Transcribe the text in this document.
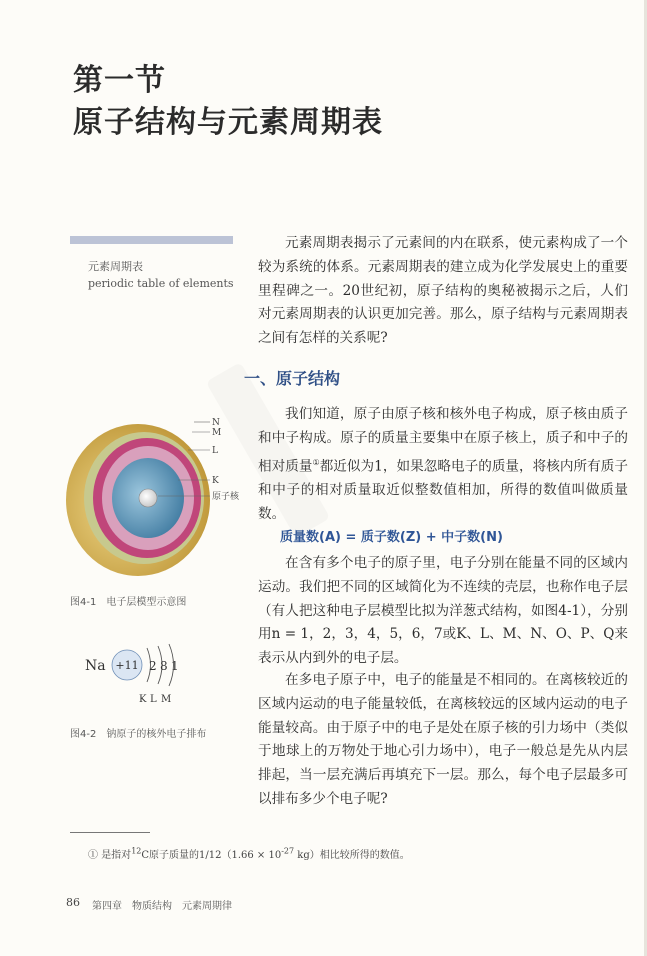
第一节
原子结构与元素周期表
元素周期表
periodic table of elements

元素周期表揭示了元素间的内在联系，使元素构成了一个较为系统的体系。元素周期表的建立成为化学发展史上的重要里程碑之一。20世纪初，原子结构的奥秘被揭示之后，人们对元素周期表的认识更加完善。那么，原子结构与元素周期表之间有怎样的关系呢?

一、原子结构

我们知道，原子由原子核和核外电子构成，原子核由质子和中子构成。原子的质量主要集中在原子核上，质子和中子的相对质量①都近似为1，如果忽略电子的质量，将核内所有质子和中子的相对质量取近似整数值相加，所得的数值叫做质量数。

质量数(A) = 质子数(Z) + 中子数(N)

在含有多个电子的原子里，电子分别在能量不同的区域内运动。我们把不同的区域简化为不连续的壳层，也称作电子层（有人把这种电子层模型比拟为洋葱式结构，如图4-1），分别用n = 1，2，3，4，5，6，7或K、L、M、N、O、P、Q来表示从内到外的电子层。

在多电子原子中，电子的能量是不相同的。在离核较近的区域内运动的电子能量较低，在离核较远的区域内运动的电子能量较高。由于原子中的电子是处在原子核的引力场中（类似于地球上的万物处于地心引力场中），电子一般总是先从内层排起，当一层充满后再填充下一层。那么，每个电子层最多可以排布多少个电子呢?

N
M
L
K
原子核
图4-1　电子层模型示意图
Na +11 2 8 1
K L M
图4-2　钠原子的核外电子排布
① 是指对$^{12}$C原子质量的$1/12(1.66 \times 10^{-27}$ kg）相比较所得的数值。
86 第四章　物质结构　元素周期律
